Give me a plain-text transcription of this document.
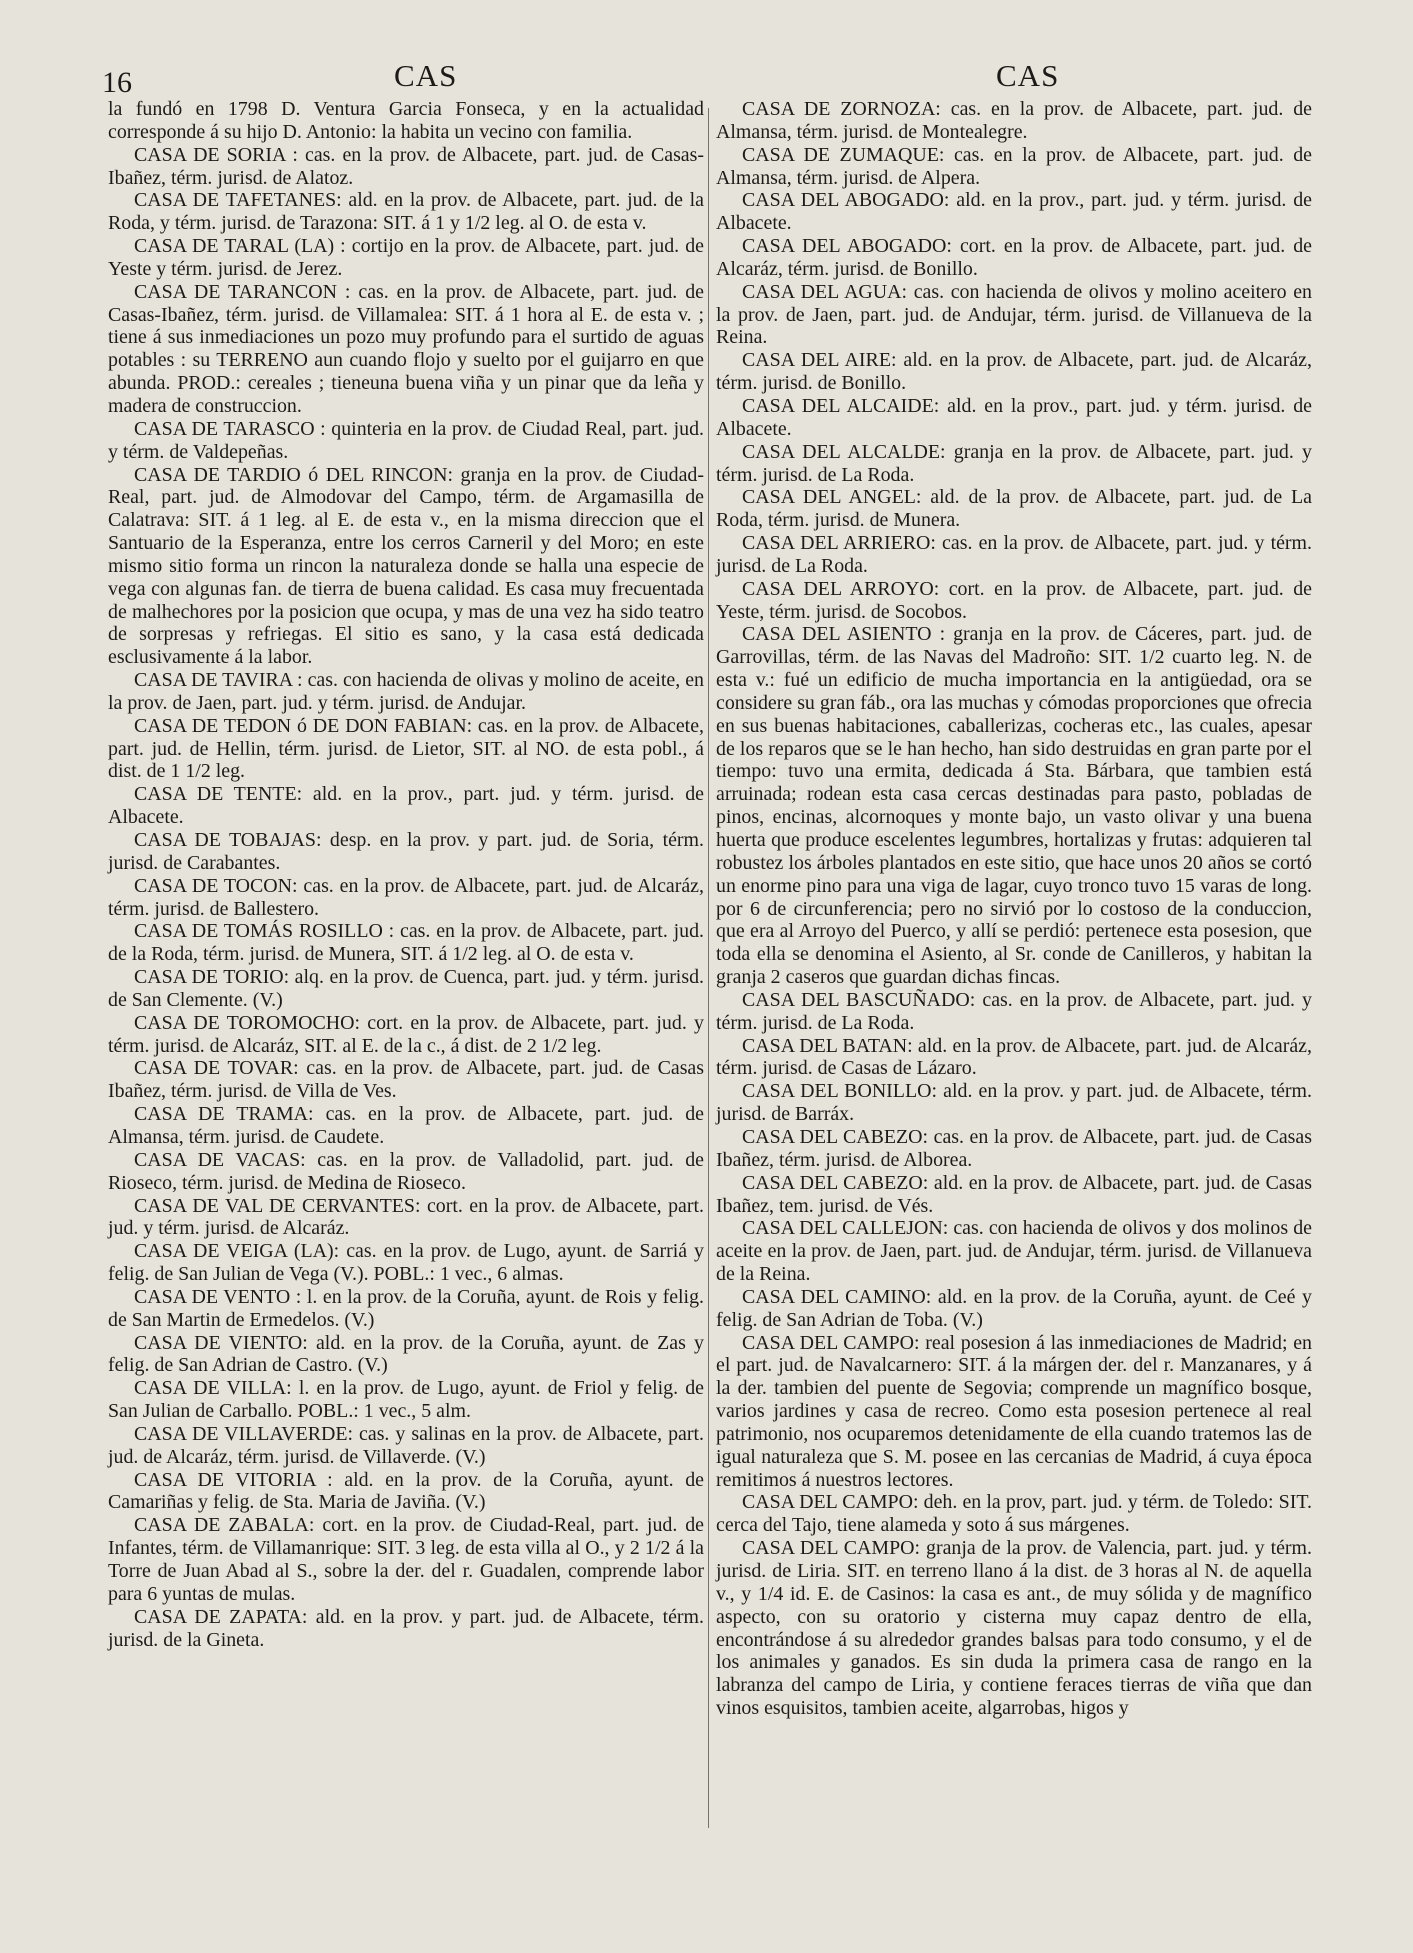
16	CAS	CAS

la fundó en 1798 D. Ventura Garcia Fonseca, y en la actualidad corresponde á su hijo D. Antonio: la habita un vecino con familia.

CASA DE SORIA : cas. en la prov. de Albacete, part. jud. de Casas-Ibañez, térm. jurisd. de Alatoz.

CASA DE TAFETANES: ald. en la prov. de Albacete, part. jud. de la Roda, y térm. jurisd. de Tarazona: SIT. á 1 y 1/2 leg. al O. de esta v.

CASA DE TARAL (LA) : cortijo en la prov. de Albacete, part. jud. de Yeste y térm. jurisd. de Jerez.

CASA DE TARANCON : cas. en la prov. de Albacete, part. jud. de Casas-Ibañez, térm. jurisd. de Villamalea: SIT. á 1 hora al E. de esta v. ; tiene á sus inmediaciones un pozo muy profundo para el surtido de aguas potables : su TERRENO aun cuando flojo y suelto por el guijarro en que abunda. PROD.: cereales ; tieneuna buena viña y un pinar que da leña y madera de construccion.

CASA DE TARASCO : quinteria en la prov. de Ciudad Real, part. jud. y térm. de Valdepeñas.

CASA DE TARDIO ó DEL RINCON: granja en la prov. de Ciudad-Real, part. jud. de Almodovar del Campo, térm. de Argamasilla de Calatrava: SIT. á 1 leg. al E. de esta v., en la misma direccion que el Santuario de la Esperanza, entre los cerros Carneril y del Moro; en este mismo sitio forma un rincon la naturaleza donde se halla una especie de vega con algunas fan. de tierra de buena calidad. Es casa muy frecuentada de malhechores por la posicion que ocupa, y mas de una vez ha sido teatro de sorpresas y refriegas. El sitio es sano, y la casa está dedicada esclusivamente á la labor.

CASA DE TAVIRA : cas. con hacienda de olivas y molino de aceite, en la prov. de Jaen, part. jud. y térm. jurisd. de Andujar.

CASA DE TEDON ó DE DON FABIAN: cas. en la prov. de Albacete, part. jud. de Hellin, térm. jurisd. de Lietor, SIT. al NO. de esta pobl., á dist. de 1 1/2 leg.

CASA DE TENTE: ald. en la prov., part. jud. y térm. jurisd. de Albacete.

CASA DE TOBAJAS: desp. en la prov. y part. jud. de Soria, térm. jurisd. de Carabantes.

CASA DE TOCON: cas. en la prov. de Albacete, part. jud. de Alcaráz, térm. jurisd. de Ballestero.

CASA DE TOMÁS ROSILLO : cas. en la prov. de Albacete, part. jud. de la Roda, térm. jurisd. de Munera, SIT. á 1/2 leg. al O. de esta v.

CASA DE TORIO: alq. en la prov. de Cuenca, part. jud. y térm. jurisd. de San Clemente. (V.)

CASA DE TOROMOCHO: cort. en la prov. de Albacete, part. jud. y térm. jurisd. de Alcaráz, SIT. al E. de la c., á dist. de 2 1/2 leg.

CASA DE TOVAR: cas. en la prov. de Albacete, part. jud. de Casas Ibañez, térm. jurisd. de Villa de Ves.

CASA DE TRAMA: cas. en la prov. de Albacete, part. jud. de Almansa, térm. jurisd. de Caudete.

CASA DE VACAS: cas. en la prov. de Valladolid, part. jud. de Rioseco, térm. jurisd. de Medina de Rioseco.

CASA DE VAL DE CERVANTES: cort. en la prov. de Albacete, part. jud. y térm. jurisd. de Alcaráz.

CASA DE VEIGA (LA): cas. en la prov. de Lugo, ayunt. de Sarriá y felig. de San Julian de Vega (V.). POBL.: 1 vec., 6 almas.

CASA DE VENTO : l. en la prov. de la Coruña, ayunt. de Rois y felig. de San Martin de Ermedelos. (V.)

CASA DE VIENTO: ald. en la prov. de la Coruña, ayunt. de Zas y felig. de San Adrian de Castro. (V.)

CASA DE VILLA: l. en la prov. de Lugo, ayunt. de Friol y felig. de San Julian de Carballo. POBL.: 1 vec., 5 alm.

CASA DE VILLAVERDE: cas. y salinas en la prov. de Albacete, part. jud. de Alcaráz, térm. jurisd. de Villaverde. (V.)

CASA DE VITORIA : ald. en la prov. de la Coruña, ayunt. de Camariñas y felig. de Sta. Maria de Javiña. (V.)

CASA DE ZABALA: cort. en la prov. de Ciudad-Real, part. jud. de Infantes, térm. de Villamanrique: SIT. 3 leg. de esta villa al O., y 2 1/2 á la Torre de Juan Abad al S., sobre la der. del r. Guadalen, comprende labor para 6 yuntas de mulas.

CASA DE ZAPATA: ald. en la prov. y part. jud. de Albacete, térm. jurisd. de la Gineta.

CASA DE ZORNOZA: cas. en la prov. de Albacete, part. jud. de Almansa, térm. jurisd. de Montealegre.

CASA DE ZUMAQUE: cas. en la prov. de Albacete, part. jud. de Almansa, térm. jurisd. de Alpera.

CASA DEL ABOGADO: ald. en la prov., part. jud. y térm. jurisd. de Albacete.

CASA DEL ABOGADO: cort. en la prov. de Albacete, part. jud. de Alcaráz, térm. jurisd. de Bonillo.

CASA DEL AGUA: cas. con hacienda de olivos y molino aceitero en la prov. de Jaen, part. jud. de Andujar, térm. jurisd. de Villanueva de la Reina.

CASA DEL AIRE: ald. en la prov. de Albacete, part. jud. de Alcaráz, térm. jurisd. de Bonillo.

CASA DEL ALCAIDE: ald. en la prov., part. jud. y térm. jurisd. de Albacete.

CASA DEL ALCALDE: granja en la prov. de Albacete, part. jud. y térm. jurisd. de La Roda.

CASA DEL ANGEL: ald. de la prov. de Albacete, part. jud. de La Roda, térm. jurisd. de Munera.

CASA DEL ARRIERO: cas. en la prov. de Albacete, part. jud. y térm. jurisd. de La Roda.

CASA DEL ARROYO: cort. en la prov. de Albacete, part. jud. de Yeste, térm. jurisd. de Socobos.

CASA DEL ASIENTO : granja en la prov. de Cáceres, part. jud. de Garrovillas, térm. de las Navas del Madroño: SIT. 1/2 cuarto leg. N. de esta v.: fué un edificio de mucha importancia en la antigüedad, ora se considere su gran fáb., ora las muchas y cómodas proporciones que ofrecia en sus buenas habitaciones, caballerizas, cocheras etc., las cuales, apesar de los reparos que se le han hecho, han sido destruidas en gran parte por el tiempo: tuvo una ermita, dedicada á Sta. Bárbara, que tambien está arruinada; rodean esta casa cercas destinadas para pasto, pobladas de pinos, encinas, alcornoques y monte bajo, un vasto olivar y una buena huerta que produce escelentes legumbres, hortalizas y frutas: adquieren tal robustez los árboles plantados en este sitio, que hace unos 20 años se cortó un enorme pino para una viga de lagar, cuyo tronco tuvo 15 varas de long. por 6 de circunferencia; pero no sirvió por lo costoso de la conduccion, que era al Arroyo del Puerco, y allí se perdió: pertenece esta posesion, que toda ella se denomina el Asiento, al Sr. conde de Canilleros, y habitan la granja 2 caseros que guardan dichas fincas.

CASA DEL BASCUÑADO: cas. en la prov. de Albacete, part. jud. y térm. jurisd. de La Roda.

CASA DEL BATAN: ald. en la prov. de Albacete, part. jud. de Alcaráz, térm. jurisd. de Casas de Lázaro.

CASA DEL BONILLO: ald. en la prov. y part. jud. de Albacete, térm. jurisd. de Barráx.

CASA DEL CABEZO: cas. en la prov. de Albacete, part. jud. de Casas Ibañez, térm. jurisd. de Alborea.

CASA DEL CABEZO: ald. en la prov. de Albacete, part. jud. de Casas Ibañez, tem. jurisd. de Vés.

CASA DEL CALLEJON: cas. con hacienda de olivos y dos molinos de aceite en la prov. de Jaen, part. jud. de Andujar, térm. jurisd. de Villanueva de la Reina.

CASA DEL CAMINO: ald. en la prov. de la Coruña, ayunt. de Ceé y felig. de San Adrian de Toba. (V.)

CASA DEL CAMPO: real posesion á las inmediaciones de Madrid; en el part. jud. de Navalcarnero: SIT. á la márgen der. del r. Manzanares, y á la der. tambien del puente de Segovia; comprende un magnífico bosque, varios jardines y casa de recreo. Como esta posesion pertenece al real patrimonio, nos ocuparemos detenidamente de ella cuando tratemos las de igual naturaleza que S. M. posee en las cercanias de Madrid, á cuya época remitimos á nuestros lectores.

CASA DEL CAMPO: deh. en la prov, part. jud. y térm. de Toledo: SIT. cerca del Tajo, tiene alameda y soto á sus márgenes.

CASA DEL CAMPO: granja de la prov. de Valencia, part. jud. y térm. jurisd. de Liria. SIT. en terreno llano á la dist. de 3 horas al N. de aquella v., y 1/4 id. E. de Casinos: la casa es ant., de muy sólida y de magnífico aspecto, con su oratorio y cisterna muy capaz dentro de ella, encontrándose á su alrededor grandes balsas para todo consumo, y el de los animales y ganados. Es sin duda la primera casa de rango en la labranza del campo de Liria, y contiene feraces tierras de viña que dan vinos esquisitos, tambien aceite, algarrobas, higos y
